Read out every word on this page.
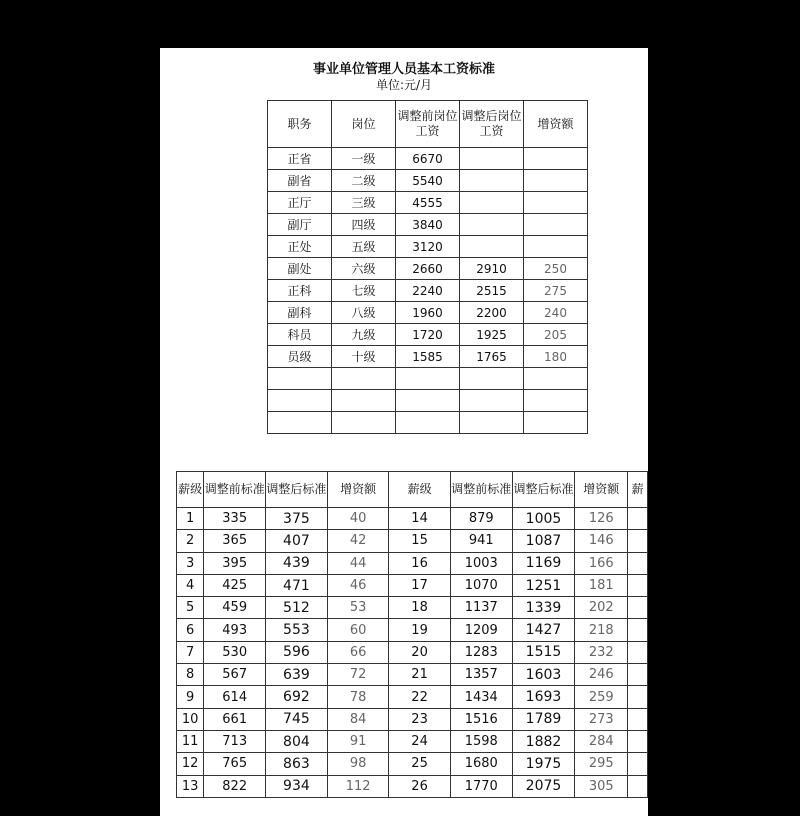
事业单位管理人员基本工资标准
单位:元/月
职务	岗位	调整前岗位工资	调整后岗位工资	增资额
正省	一级	6670		
副省	二级	5540		
正厅	三级	4555		
副厅	四级	3840		
正处	五级	3120		
副处	六级	2660	2910	250
正科	七级	2240	2515	275
副科	八级	1960	2200	240
科员	九级	1720	1925	205
员级	十级	1585	1765	180

薪级	调整前标准	调整后标准	增资额	薪级	调整前标准	调整后标准	增资额	薪
1	335	375	40	14	879	1005	126	
2	365	407	42	15	941	1087	146	
3	395	439	44	16	1003	1169	166	
4	425	471	46	17	1070	1251	181	
5	459	512	53	18	1137	1339	202	
6	493	553	60	19	1209	1427	218	
7	530	596	66	20	1283	1515	232	
8	567	639	72	21	1357	1603	246	
9	614	692	78	22	1434	1693	259	
10	661	745	84	23	1516	1789	273	
11	713	804	91	24	1598	1882	284	
12	765	863	98	25	1680	1975	295	
13	822	934	112	26	1770	2075	305	
